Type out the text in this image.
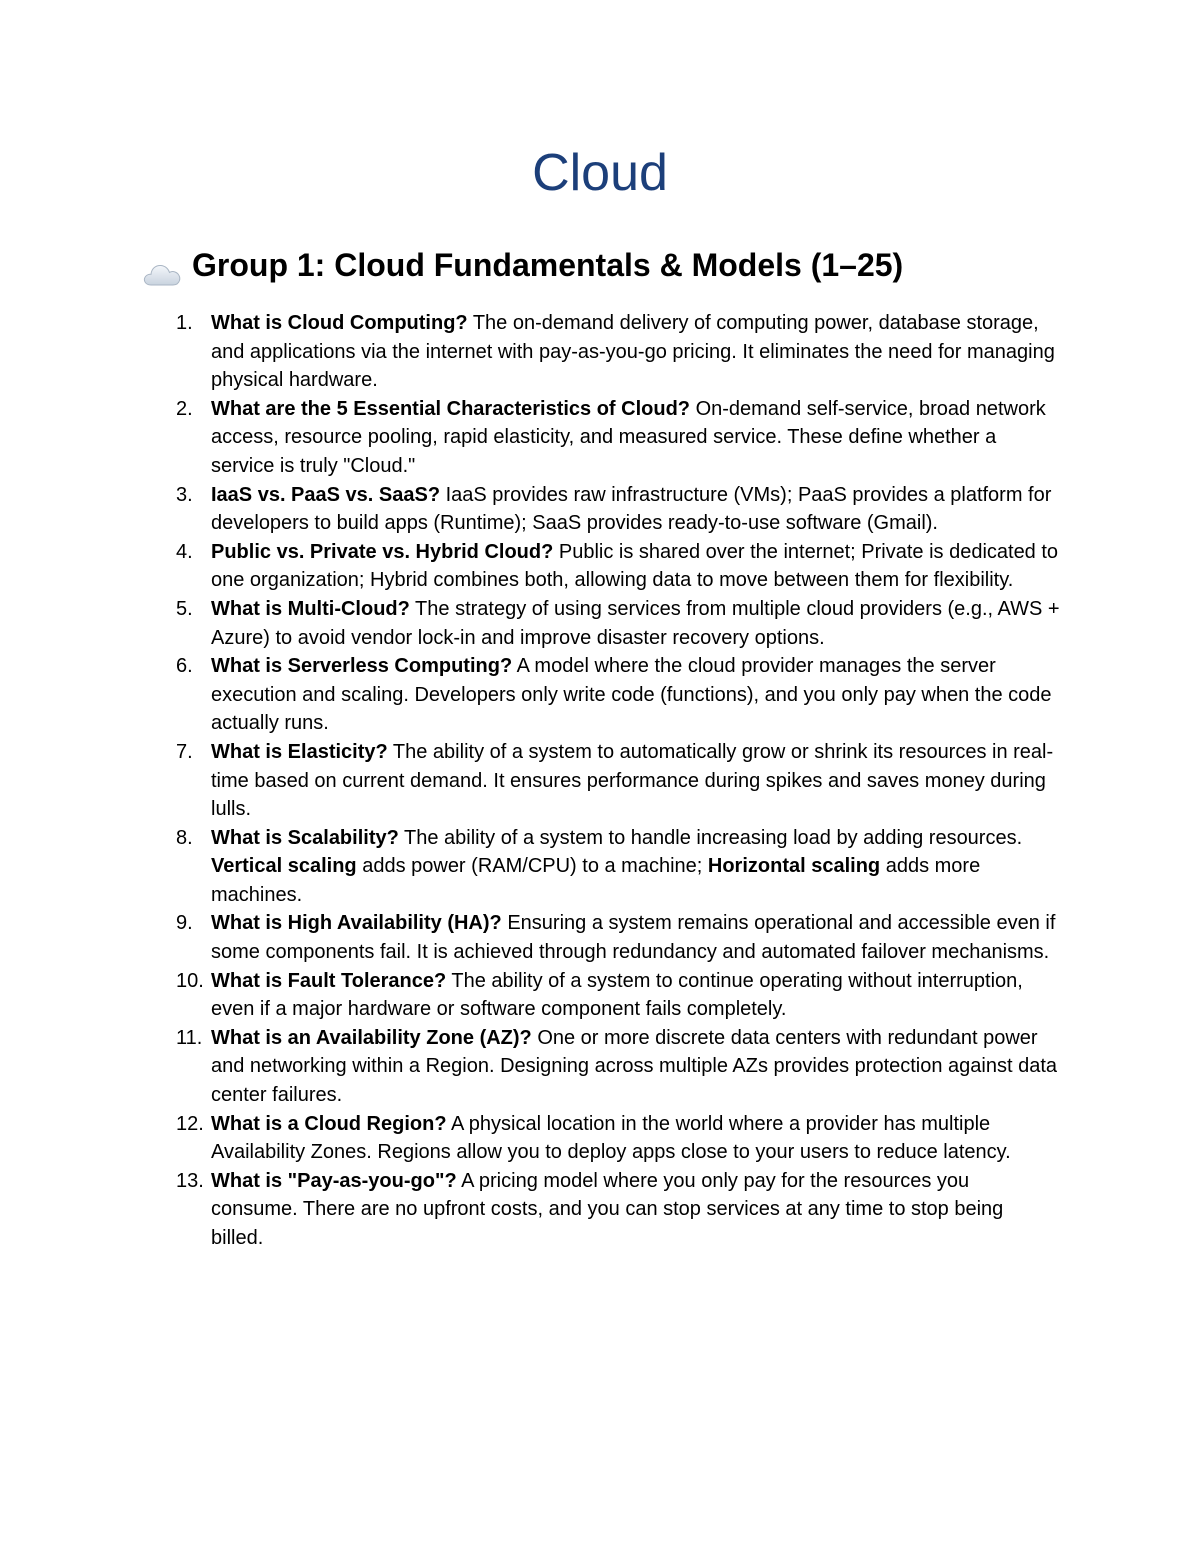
Cloud
Group 1: Cloud Fundamentals & Models (1–25)
1. What is Cloud Computing? The on-demand delivery of computing power, database storage, and applications via the internet with pay-as-you-go pricing. It eliminates the need for managing physical hardware.
2. What are the 5 Essential Characteristics of Cloud? On-demand self-service, broad network access, resource pooling, rapid elasticity, and measured service. These define whether a service is truly "Cloud."
3. IaaS vs. PaaS vs. SaaS? IaaS provides raw infrastructure (VMs); PaaS provides a platform for developers to build apps (Runtime); SaaS provides ready-to-use software (Gmail).
4. Public vs. Private vs. Hybrid Cloud? Public is shared over the internet; Private is dedicated to one organization; Hybrid combines both, allowing data to move between them for flexibility.
5. What is Multi-Cloud? The strategy of using services from multiple cloud providers (e.g., AWS + Azure) to avoid vendor lock-in and improve disaster recovery options.
6. What is Serverless Computing? A model where the cloud provider manages the server execution and scaling. Developers only write code (functions), and you only pay when the code actually runs.
7. What is Elasticity? The ability of a system to automatically grow or shrink its resources in real-time based on current demand. It ensures performance during spikes and saves money during lulls.
8. What is Scalability? The ability of a system to handle increasing load by adding resources. Vertical scaling adds power (RAM/CPU) to a machine; Horizontal scaling adds more machines.
9. What is High Availability (HA)? Ensuring a system remains operational and accessible even if some components fail. It is achieved through redundancy and automated failover mechanisms.
10. What is Fault Tolerance? The ability of a system to continue operating without interruption, even if a major hardware or software component fails completely.
11. What is an Availability Zone (AZ)? One or more discrete data centers with redundant power and networking within a Region. Designing across multiple AZs provides protection against data center failures.
12. What is a Cloud Region? A physical location in the world where a provider has multiple Availability Zones. Regions allow you to deploy apps close to your users to reduce latency.
13. What is "Pay-as-you-go"? A pricing model where you only pay for the resources you consume. There are no upfront costs, and you can stop services at any time to stop being billed.
